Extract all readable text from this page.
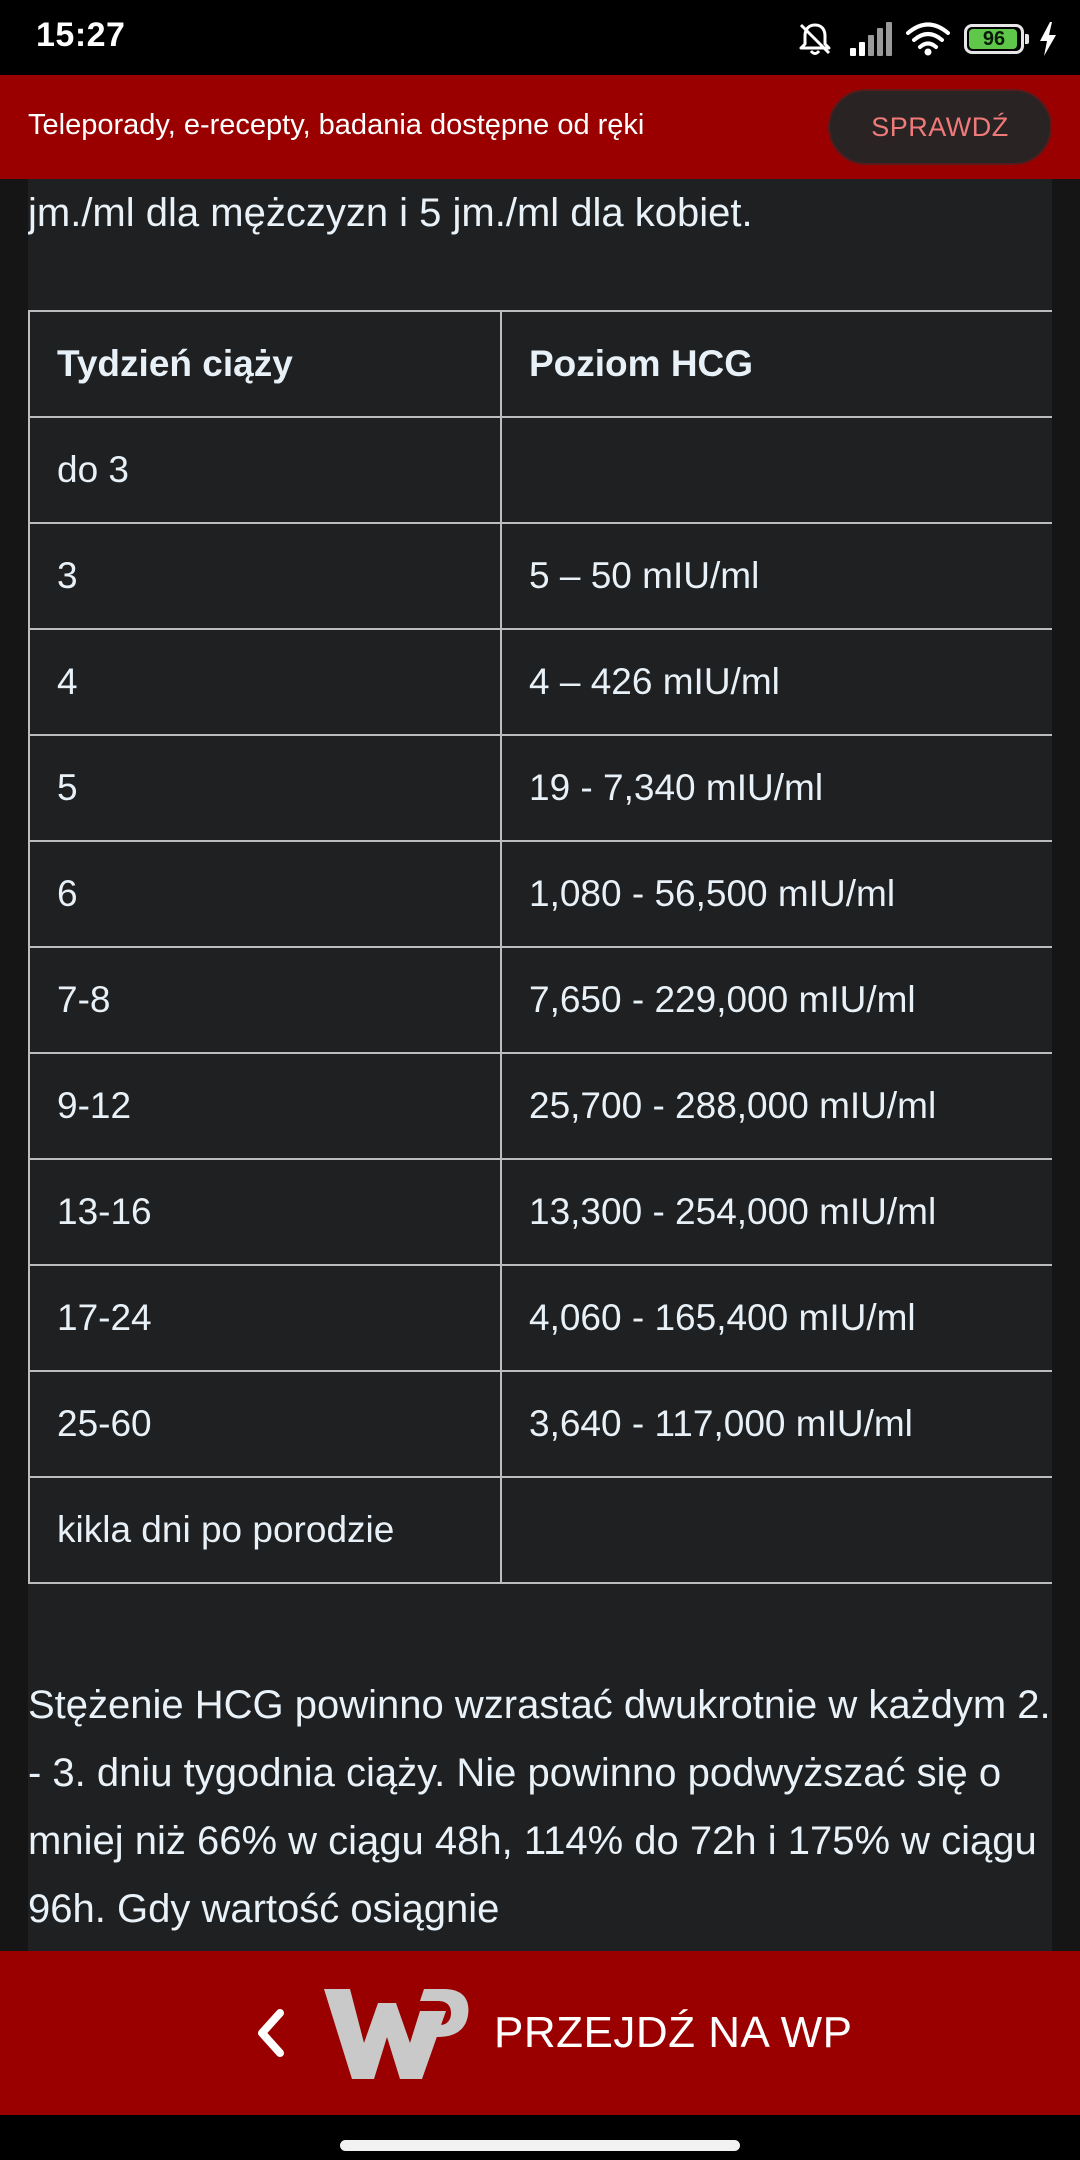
15:27	96
Teleporady, e-recepty, badania dostępne od ręki	SPRAWDŹ

jm./ml dla mężczyzn i 5 jm./ml dla kobiet.

Tydzień ciąży	Poziom HCG
do 3	
3	5 – 50 mIU/ml
4	4 – 426 mIU/ml
5	19 - 7,340 mIU/ml
6	1,080 - 56,500 mIU/ml
7-8	7,650 - 229,000 mIU/ml
9-12	25,700 - 288,000 mIU/ml
13-16	13,300 - 254,000 mIU/ml
17-24	4,060 - 165,400 mIU/ml
25-60	3,640 - 117,000 mIU/ml
kikla dni po porodzie	

Stężenie HCG powinno wzrastać dwukrotnie w każdym 2. - 3. dniu tygodnia ciąży. Nie powinno podwyższać się o mniej niż 66% w ciągu 48h, 114% do 72h i 175% w ciągu 96h. Gdy wartość osiągnie

PRZEJDŹ NA WP
